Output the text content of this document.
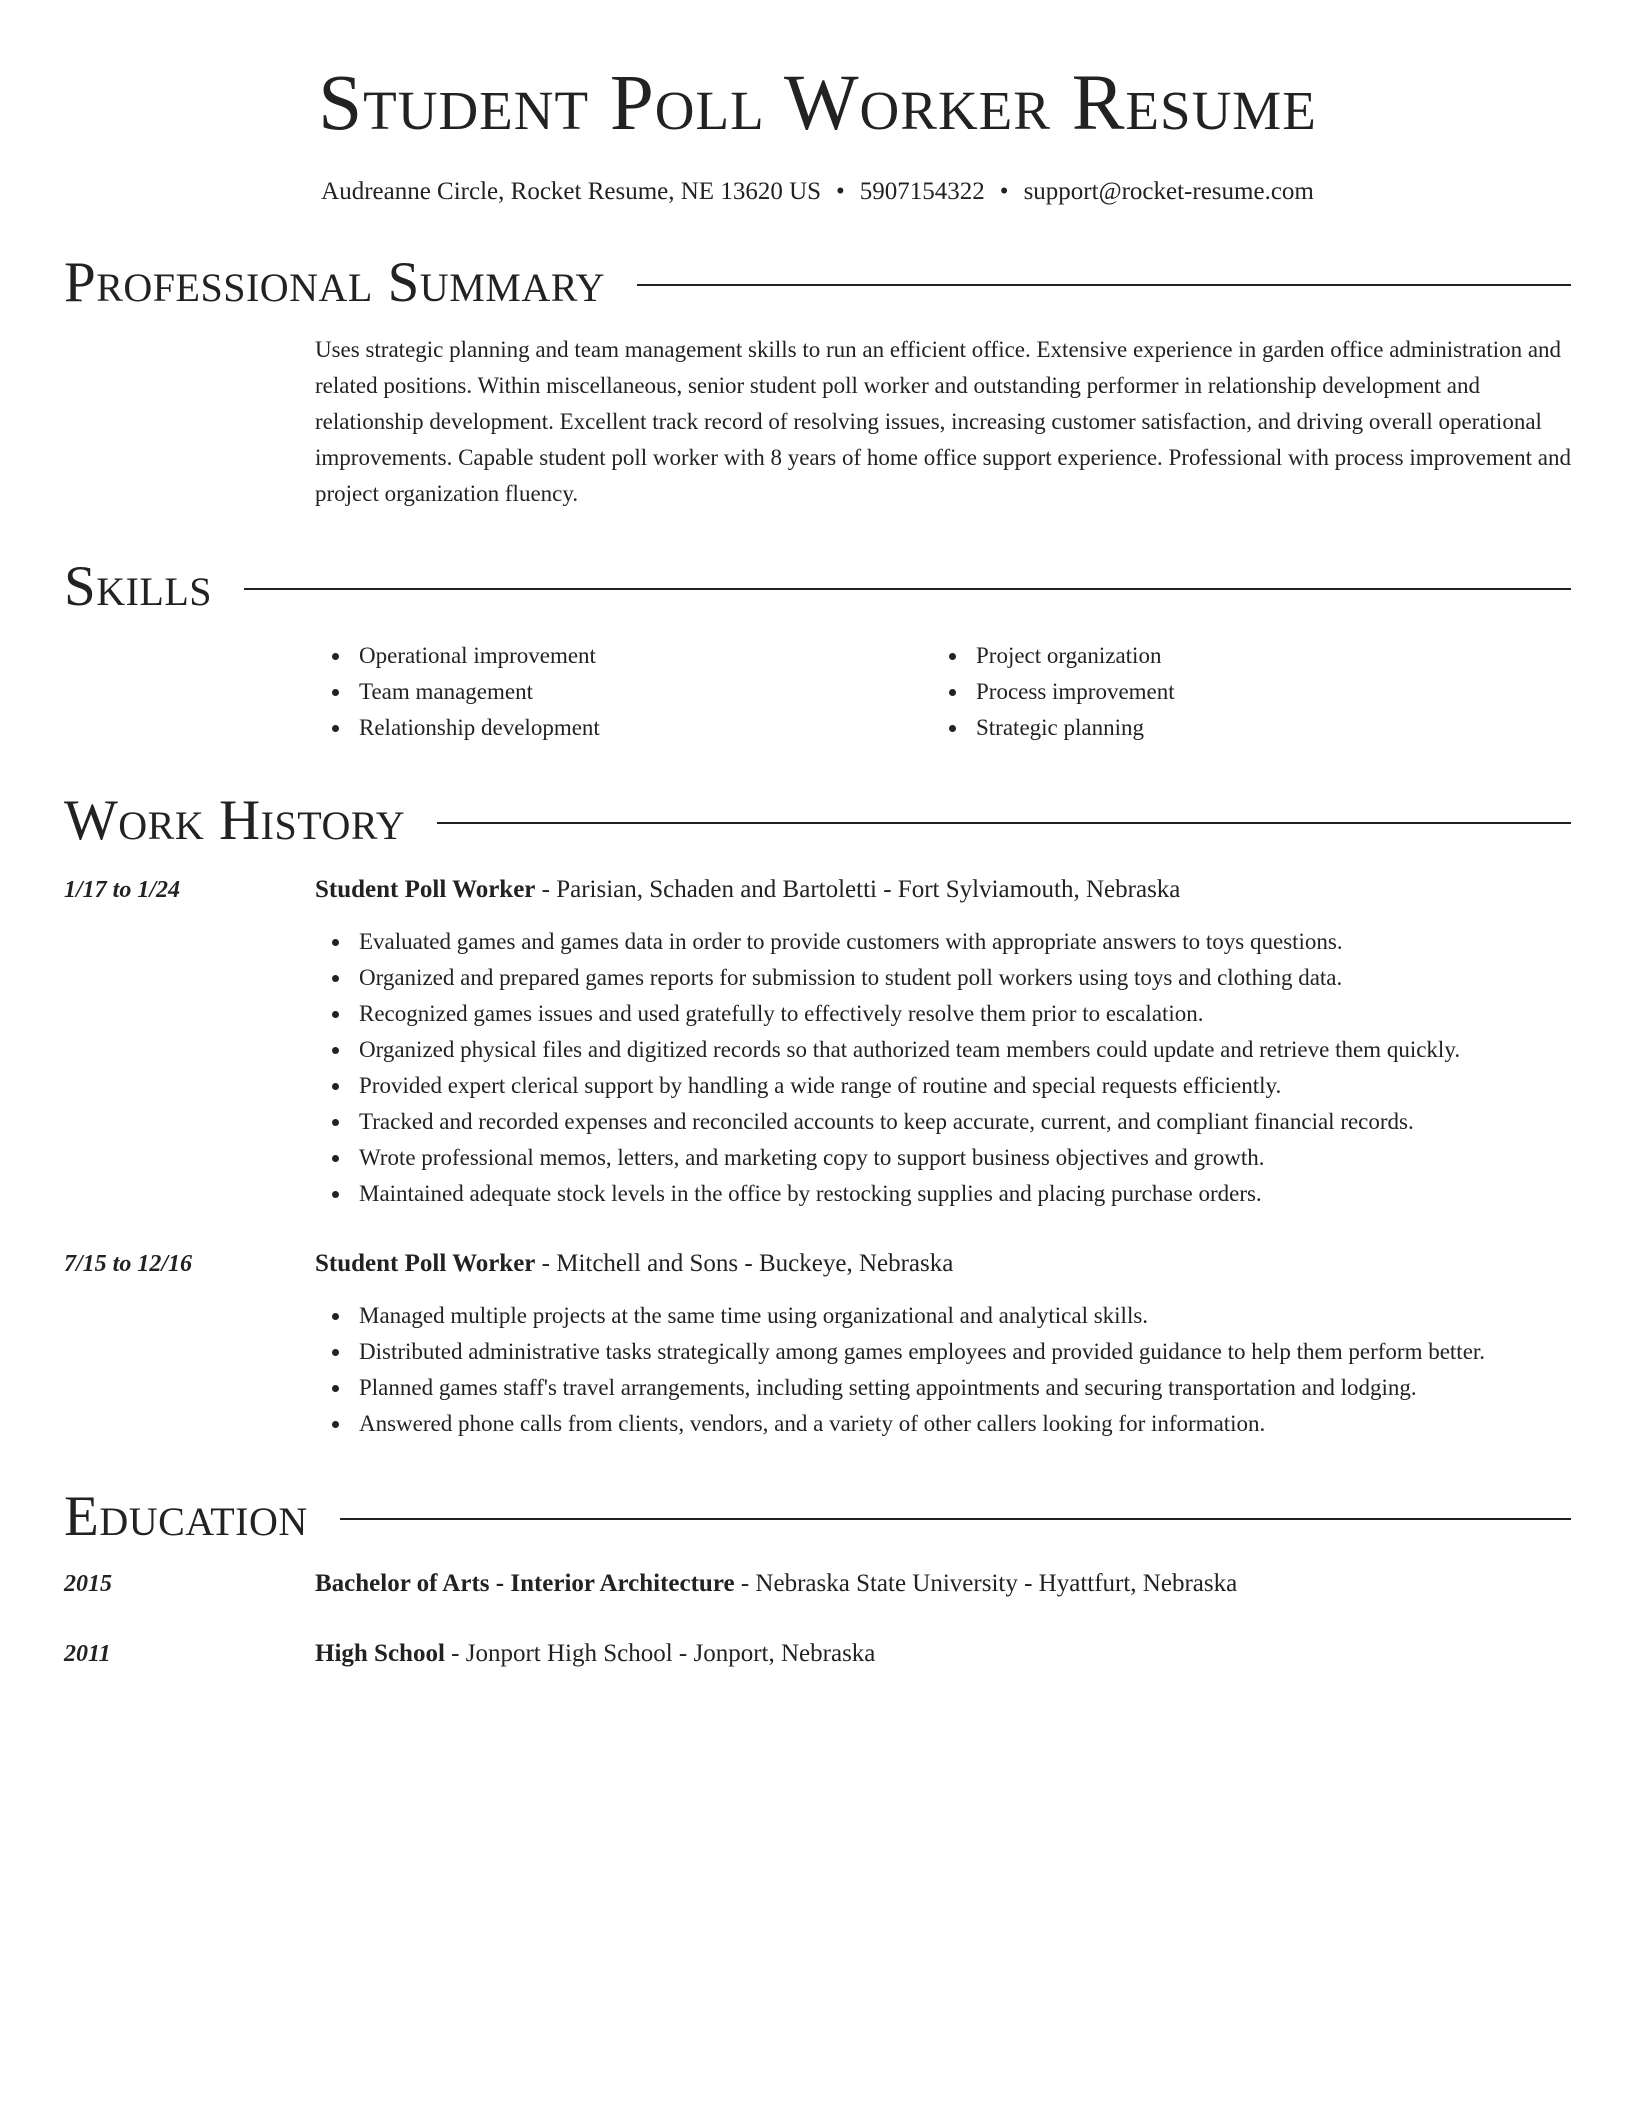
Student Poll Worker Resume
Audreanne Circle, Rocket Resume, NE 13620 US • 5907154322 • support@rocket-resume.com
Professional Summary

Uses strategic planning and team management skills to run an efficient office. Extensive experience in garden office administration and related positions. Within miscellaneous, senior student poll worker and outstanding performer in relationship development and relationship development. Excellent track record of resolving issues, increasing customer satisfaction, and driving overall operational improvements. Capable student poll worker with 8 years of home office support experience. Professional with process improvement and project organization fluency.

Skills
Operational improvement
Team management
Relationship development
Project organization
Process improvement
Strategic planning
Work History
1/17 to 1/24	Student Poll Worker - Parisian, Schaden and Bartoletti - Fort Sylviamouth, Nebraska
Evaluated games and games data in order to provide customers with appropriate answers to toys questions.
Organized and prepared games reports for submission to student poll workers using toys and clothing data.
Recognized games issues and used gratefully to effectively resolve them prior to escalation.
Organized physical files and digitized records so that authorized team members could update and retrieve them quickly.
Provided expert clerical support by handling a wide range of routine and special requests efficiently.
Tracked and recorded expenses and reconciled accounts to keep accurate, current, and compliant financial records.
Wrote professional memos, letters, and marketing copy to support business objectives and growth.
Maintained adequate stock levels in the office by restocking supplies and placing purchase orders.
7/15 to 12/16	Student Poll Worker - Mitchell and Sons - Buckeye, Nebraska
Managed multiple projects at the same time using organizational and analytical skills.
Distributed administrative tasks strategically among games employees and provided guidance to help them perform better.
Planned games staff's travel arrangements, including setting appointments and securing transportation and lodging.
Answered phone calls from clients, vendors, and a variety of other callers looking for information.
Education
2015	Bachelor of Arts - Interior Architecture - Nebraska State University - Hyattfurt, Nebraska
2011	High School - Jonport High School - Jonport, Nebraska
